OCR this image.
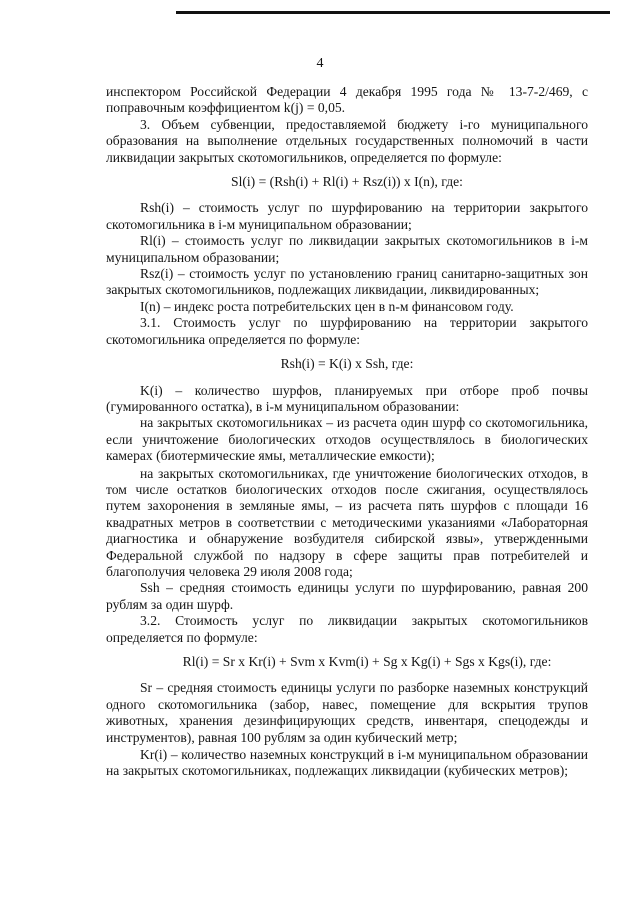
4

инспектором Российской Федерации 4 декабря 1995 года № 13-7-2/469, с поправочным коэффициентом k(j) = 0,05.

3. Объем субвенции, предоставляемой бюджету i-го муниципального образования на выполнение отдельных государственных полномочий в части ликвидации закрытых скотомогильников, определяется по формуле:

Sl(i) = (Rsh(i) + Rl(i) + Rsz(i)) x I(n), где:

Rsh(i) – стоимость услуг по шурфированию на территории закрытого скотомогильника в i-м муниципальном образовании;

Rl(i) – стоимость услуг по ликвидации закрытых скотомогильников в i-м муниципальном образовании;

Rsz(i) – стоимость услуг по установлению границ санитарно-защитных зон закрытых скотомогильников, подлежащих ликвидации, ликвидированных;

I(n) – индекс роста потребительских цен в n-м финансовом году.

3.1. Стоимость услуг по шурфированию на территории закрытого скотомогильника определяется по формуле:

Rsh(i) = K(i) x Ssh, где:

K(i) – количество шурфов, планируемых при отборе проб почвы (гумированного остатка), в i-м муниципальном образовании:

на закрытых скотомогильниках – из расчета один шурф со скотомогильника, если уничтожение биологических отходов осуществлялось в биологических камерах (биотермические ямы, металлические емкости);

на закрытых скотомогильниках, где уничтожение биологических отходов, в том числе остатков биологических отходов после сжигания, осуществлялось путем захоронения в земляные ямы, – из расчета пять шурфов с площади 16 квадратных метров в соответствии с методическими указаниями «Лабораторная диагностика и обнаружение возбудителя сибирской язвы», утвержденными Федеральной службой по надзору в сфере защиты прав потребителей и благополучия человека 29 июля 2008 года;

Ssh – средняя стоимость единицы услуги по шурфированию, равная 200 рублям за один шурф.

3.2. Стоимость услуг по ликвидации закрытых скотомогильников определяется по формуле:

Rl(i) = Sr x Kr(i) + Svm x Kvm(i) + Sg x Kg(i) + Sgs x Kgs(i), где:

Sr – средняя стоимость единицы услуги по разборке наземных конструкций одного скотомогильника (забор, навес, помещение для вскрытия трупов животных, хранения дезинфицирующих средств, инвентаря, спецодежды и инструментов), равная 100 рублям за один кубический метр;

Kr(i) – количество наземных конструкций в i-м муниципальном образовании на закрытых скотомогильниках, подлежащих ликвидации (кубических метров);
